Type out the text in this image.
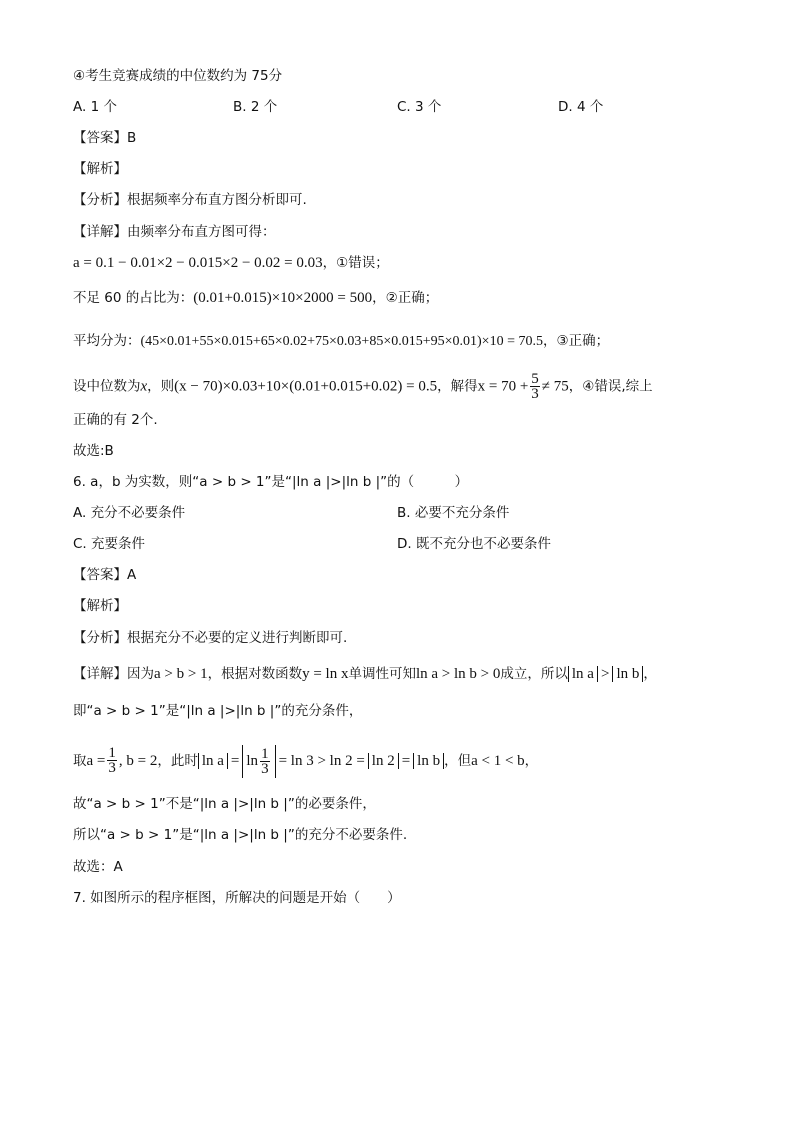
④考生竞赛成绩的中位数约为 75分
A. 1 个	B. 2 个	C. 3 个	D. 4 个
【答案】B
【解析】
【分析】根据频率分布直方图分析即可.
【详解】由频率分布直方图可得：
a = 0.1 − 0.01×2 − 0.015×2 − 0.02 = 0.03，①错误；
不足 60 的占比为：(0.01+0.015)×10×2000 = 500，②正确；
平均分为：(45×0.01+55×0.015+65×0.02+75×0.03+85×0.015+95×0.01)×10 = 70.5，③正确；
设中位数为x，则(x − 70)×0.03+10×(0.01+0.015+0.02) = 0.5，解得$x = 70 + \frac{5}{3} \ne 75$，④错误,综上
正确的有 2个.
故选:B
6. a，b 为实数，则“a > b > 1”是“|ln a |>|ln b |”的（　　　）
A. 充分不必要条件	B. 必要不充分条件
C. 充要条件	D. 既不充分也不必要条件
【答案】A
【解析】
【分析】根据充分不必要的定义进行判断即可.
【详解】因为a > b > 1，根据对数函数y = ln x单调性可知ln a > ln b > 0成立，所以 ln a > ln b ，
即“a > b > 1”是“|ln a |>|ln b |”的充分条件，
取$a = \frac{1}{3}$ , b = 2，此时 $\ln a = \ln \frac{1}{3} = \ln 3 > \ln 2 = \ln 2 = \ln b$ ，但a < 1 < b，
故“a > b > 1”不是“|ln a |>|ln b |”的必要条件，
所以“a > b > 1”是“|ln a |>|ln b |”的充分不必要条件.
故选：A
7. 如图所示的程序框图，所解决的问题是开始（　　）
